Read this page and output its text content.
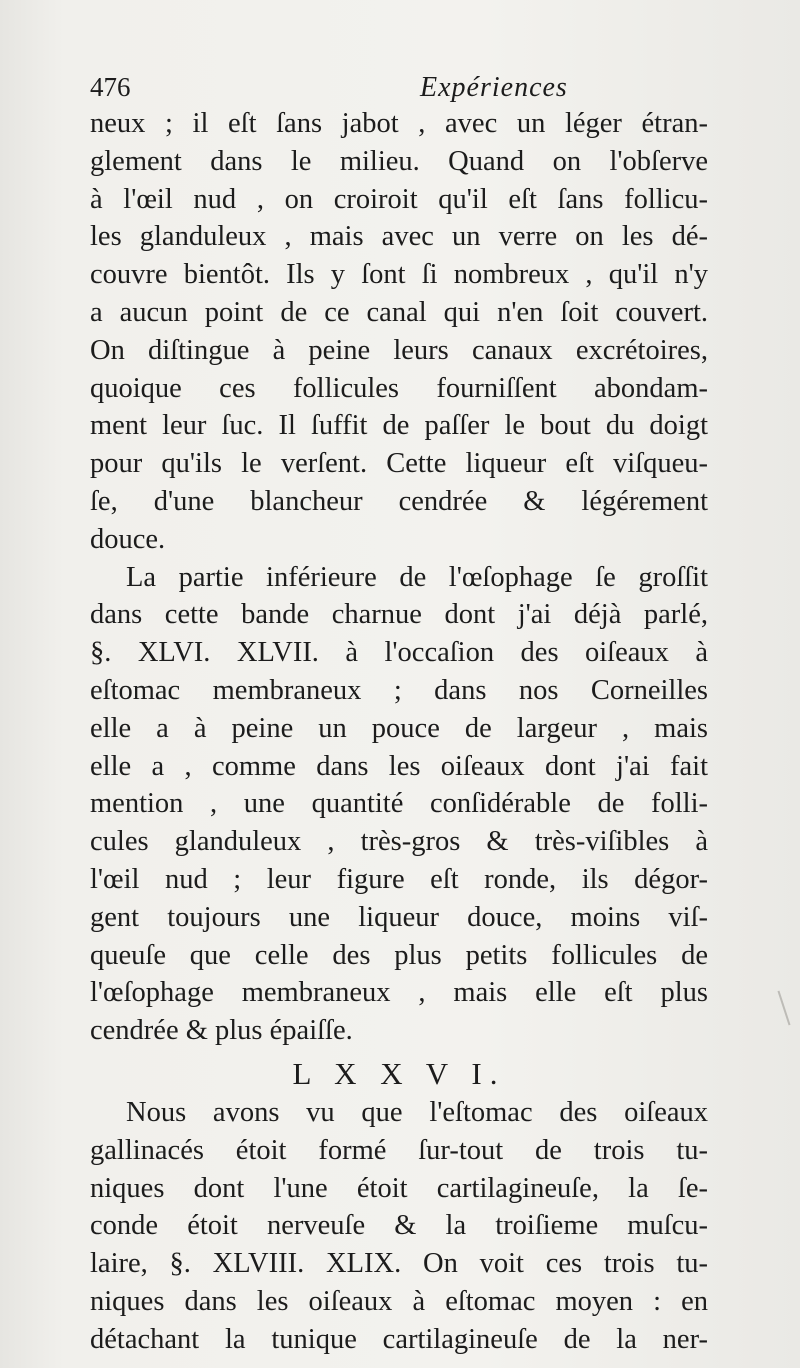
476	Expériences
neux ; il eſt ſans jabot , avec un léger étran-
glement dans le milieu. Quand on l'obſerve
à l'œil nud , on croiroit qu'il eſt ſans follicu-
les glanduleux , mais avec un verre on les dé-
couvre bientôt. Ils y ſont ſi nombreux , qu'il n'y
a aucun point de ce canal qui n'en ſoit couvert.
On diſtingue à peine leurs canaux excrétoires,
quoique ces follicules fourniſſent abondam-
ment leur ſuc. Il ſuffit de paſſer le bout du doigt
pour qu'ils le verſent. Cette liqueur eſt viſqueu-
ſe, d'une blancheur cendrée & légérement
douce.
La partie inférieure de l'œſophage ſe groſſit
dans cette bande charnue dont j'ai déjà parlé,
§. XLVI. XLVII. à l'occaſion des oiſeaux à
eſtomac membraneux ; dans nos Corneilles
elle a à peine un pouce de largeur , mais
elle a , comme dans les oiſeaux dont j'ai fait
mention , une quantité conſidérable de folli-
cules glanduleux , très-gros & très-viſibles à
l'œil nud ; leur figure eſt ronde, ils dégor-
gent toujours une liqueur douce, moins viſ-
queuſe que celle des plus petits follicules de
l'œſophage membraneux , mais elle eſt plus
cendrée & plus épaiſſe.
L X X V I.
Nous avons vu que l'eſtomac des oiſeaux
gallinacés étoit formé ſur-tout de trois tu-
niques dont l'une étoit cartilagineuſe, la ſe-
conde étoit nerveuſe & la troiſieme muſcu-
laire, §. XLVIII. XLIX. On voit ces trois tu-
niques dans les oiſeaux à eſtomac moyen : en
détachant la tunique cartilagineuſe de la ner-
